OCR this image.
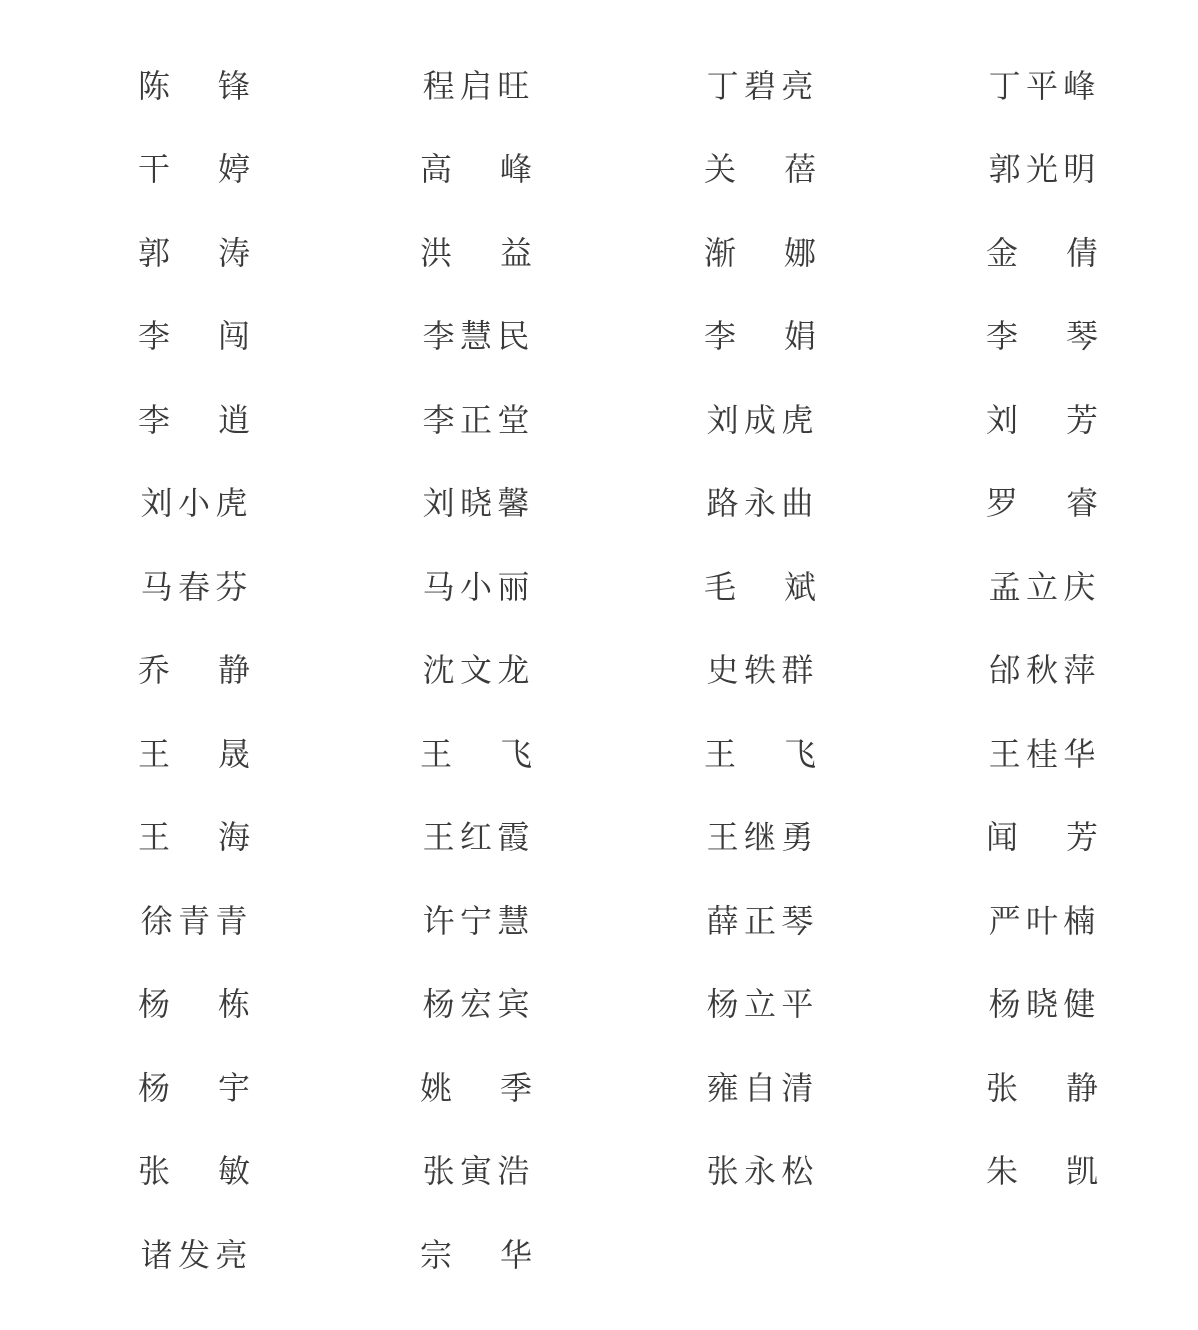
陈 锋	程 启 旺	丁 碧 亮	丁 平 峰
干 婷	高 峰	关 蓓	郭 光 明
郭 涛	洪 益	渐 娜	金 倩
李 闯	李 慧 民	李 娟	李 琴
李 逍	李 正 堂	刘 成 虎	刘 芳
刘 小 虎	刘 晓 馨	路 永 曲	罗 睿
马 春 芬	马 小 丽	毛 斌	孟 立 庆
乔 静	沈 文 龙	史 轶 群	邰 秋 萍
王 晟	王 飞	王 飞	王 桂 华
王 海	王 红 霞	王 继 勇	闻 芳
徐 青 青	许 宁 慧	薛 正 琴	严 叶 楠
杨 栋	杨 宏 宾	杨 立 平	杨 晓 健
杨 宇	姚 季	雍 自 清	张 静
张 敏	张 寅 浩	张 永 松	朱 凯
诸 发 亮	宗 华
